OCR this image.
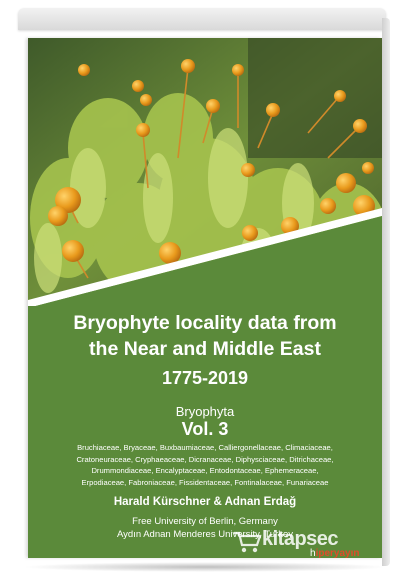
Bryophyte locality data from
the Near and Middle East
1775-2019
Bryophyta
Vol. 3
Bruchiaceae, Bryaceae, Buxbaumiaceae, Calliergonellaceae, Climaciaceae,
Cratoneuraceae, Cryphaeaceae, Dicranaceae, Diphysciaceae, Ditrichaceae,
Drummondiaceae, Encalyptaceae, Entodontaceae, Ephemeraceae,
Erpodiaceae, Fabroniaceae, Fissidentaceae, Fontinalaceae, Funariaceae
Harald Kürschner & Adnan Erdağ
Free University of Berlin, Germany
Aydın Adnan Menderes University, Turkey
kitapsec
hiperyayın
